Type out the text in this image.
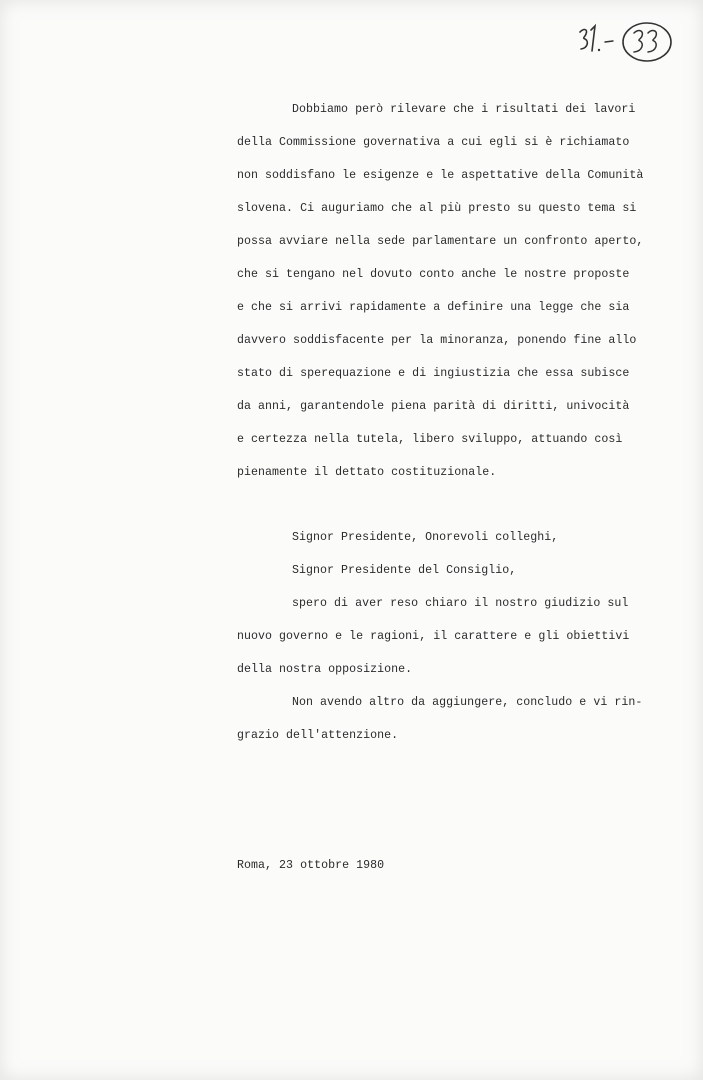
Dobbiamo però rilevare che i risultati dei lavori
della Commissione governativa a cui egli si è richiamato
non soddisfano le esigenze e le aspettative della Comunità
slovena. Ci auguriamo che al più presto su questo tema si
possa avviare nella sede parlamentare un confronto aperto,
che si tengano nel dovuto conto anche le nostre proposte
e che si arrivi rapidamente a definire una legge che sia
davvero soddisfacente per la minoranza, ponendo fine allo
stato di sperequazione e di ingiustizia che essa subisce
da anni, garantendole piena parità di diritti, univocità
e certezza nella tutela, libero sviluppo, attuando così
pienamente il dettato costituzionale.
Signor Presidente, Onorevoli colleghi,
Signor Presidente del Consiglio,
spero di aver reso chiaro il nostro giudizio sul
nuovo governo e le ragioni, il carattere e gli obiettivi
della nostra opposizione.
Non avendo altro da aggiungere, concludo e vi rin-
grazio dell'attenzione.
Roma, 23 ottobre 1980
